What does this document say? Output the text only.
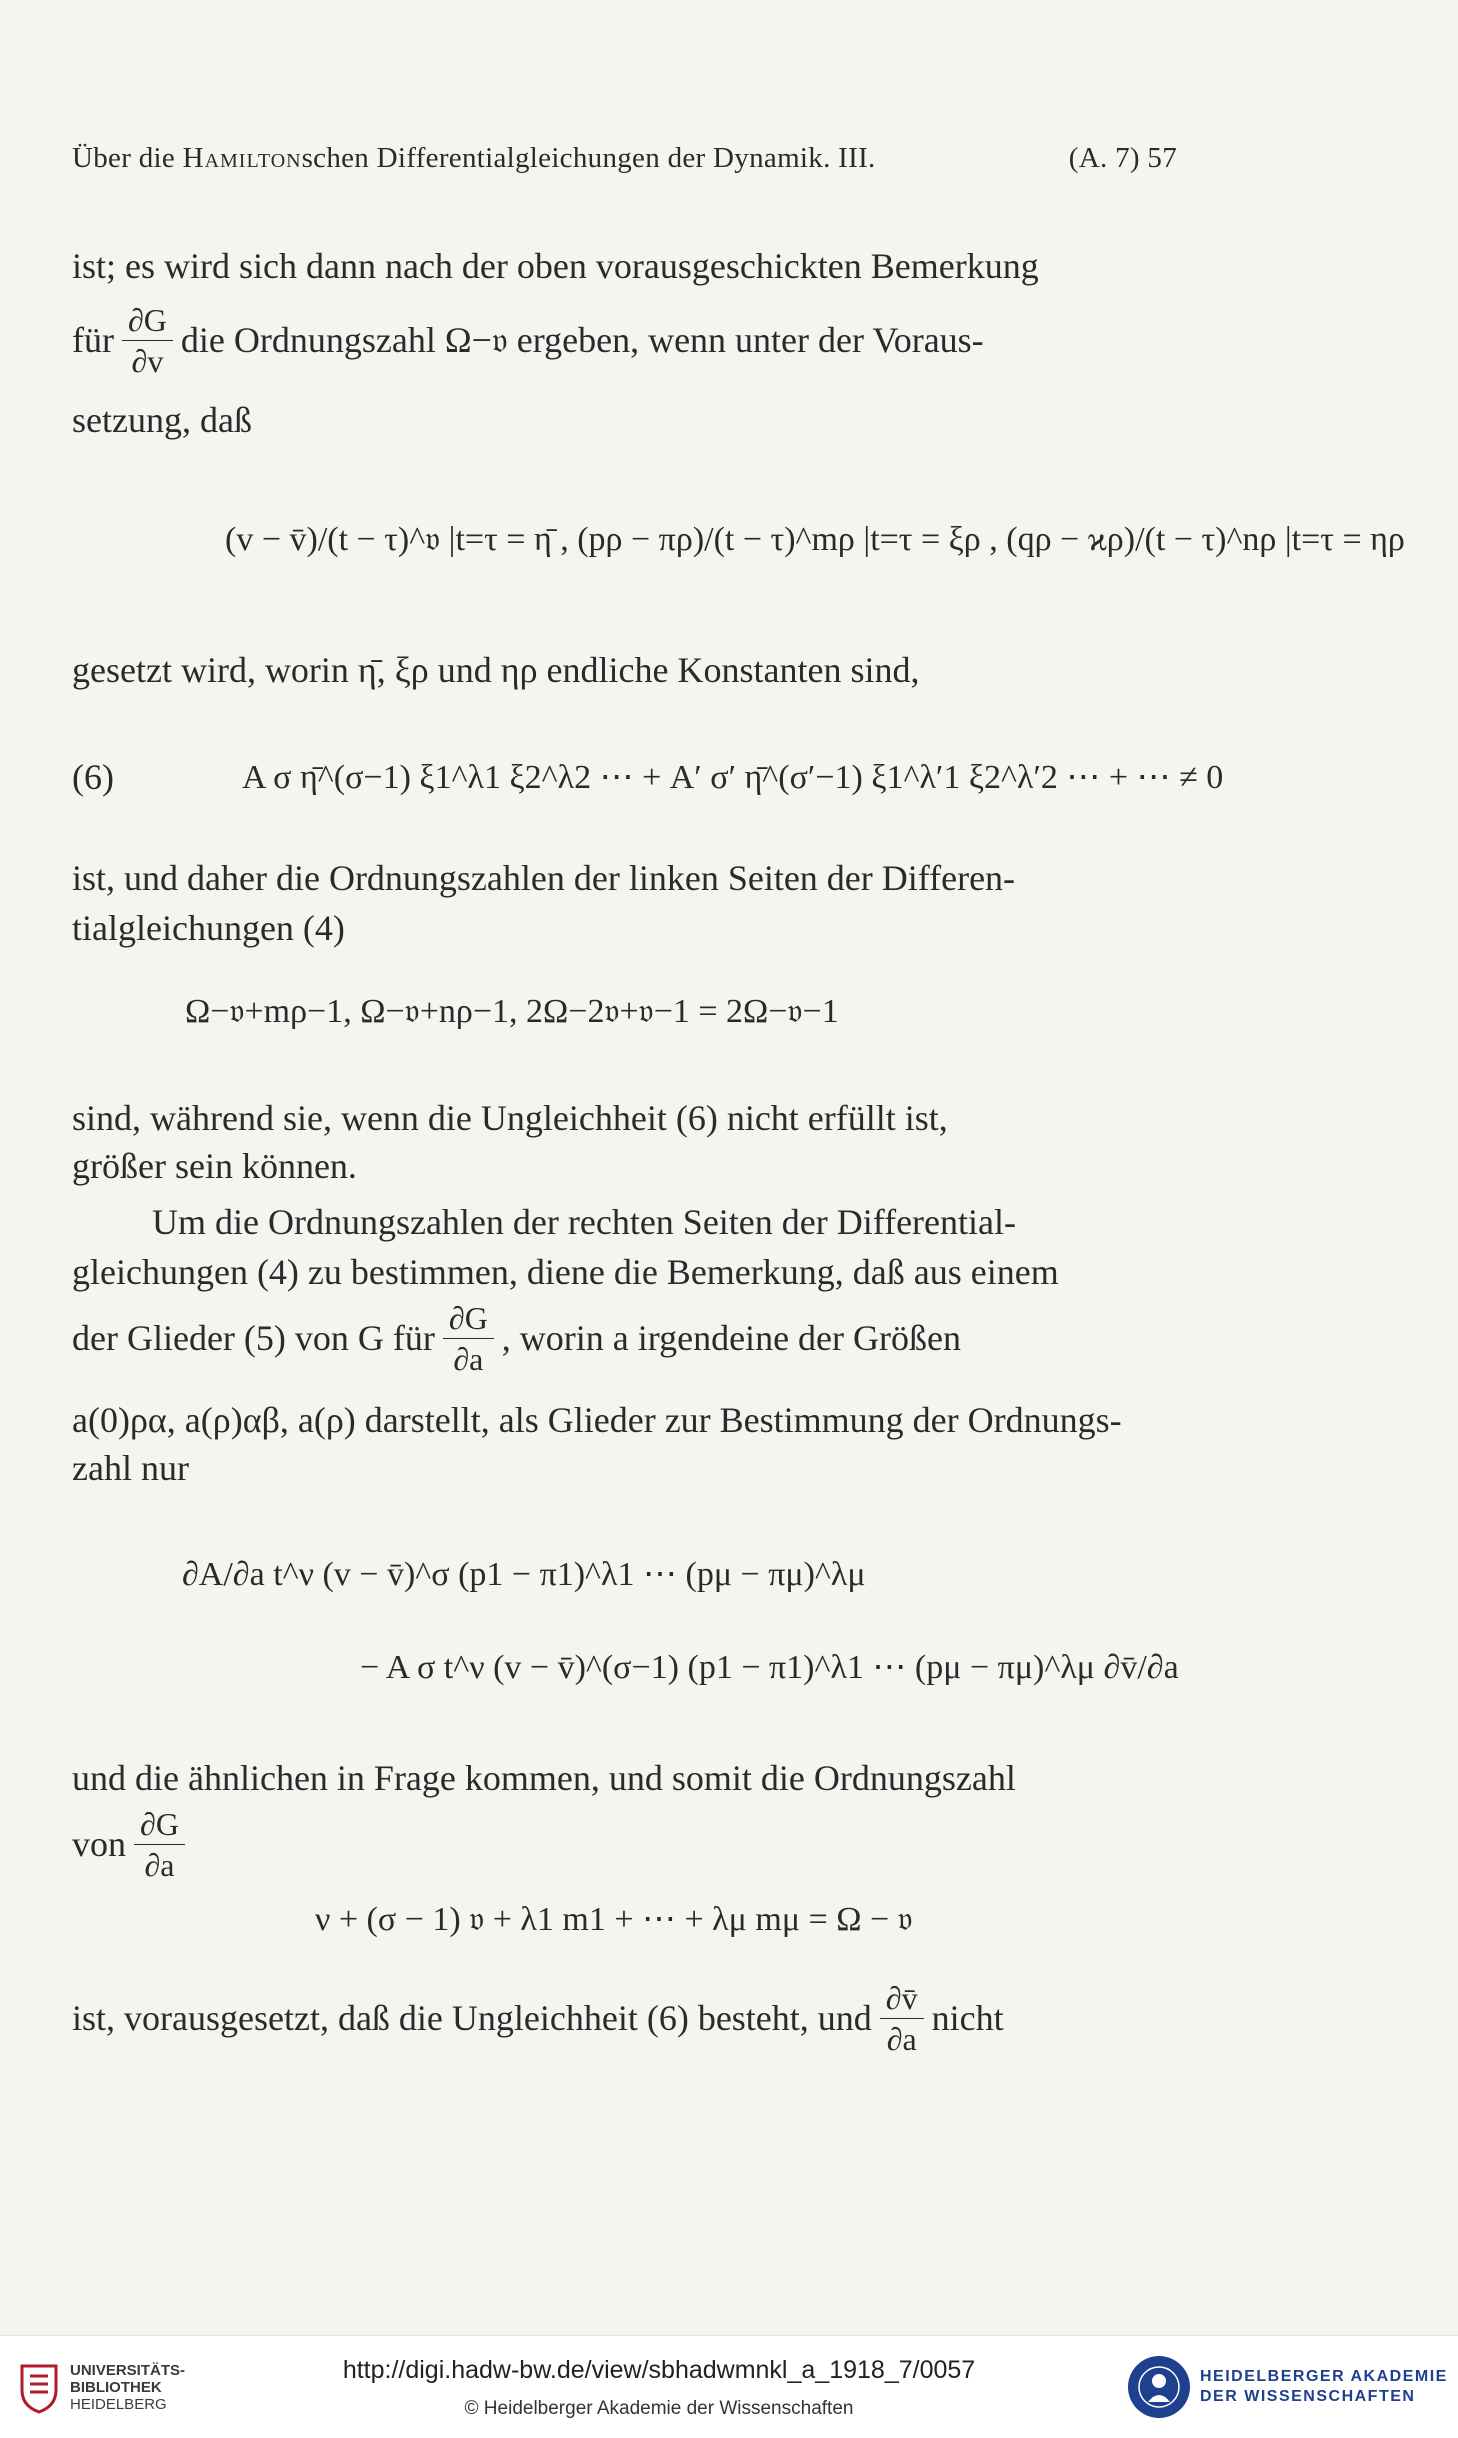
Über die Hamiltonschen Differentialgleichungen der Dynamik. III.	(A. 7) 57
ist; es wird sich dann nach der oben vorausgeschickten Bemerkung
für $\frac{\partial G}{\partial v}$ die Ordnungszahl Ω−𝔳 ergeben, wenn unter der Voraus-
setzung, daß
(v − v̄)/(t − τ)^𝔳 |t=τ = η̄ , (pρ − πρ)/(t − τ)^mρ |t=τ = ξρ , (qρ − ϰρ)/(t − τ)^nρ |t=τ = ηρ
gesetzt wird, worin η̄, ξρ und ηρ endliche Konstanten sind,
(6)	A σ η̄^(σ−1) ξ1^λ1 ξ2^λ2 ⋯ + A′ σ′ η̄^(σ′−1) ξ1^λ′1 ξ2^λ′2 ⋯ + ⋯ ≠ 0
ist, und daher die Ordnungszahlen der linken Seiten der Differen-
tialgleichungen (4)
Ω−𝔳+mρ−1, Ω−𝔳+nρ−1, 2Ω−2𝔳+𝔳−1 = 2Ω−𝔳−1
sind, während sie, wenn die Ungleichheit (6) nicht erfüllt ist,
größer sein können.
Um die Ordnungszahlen der rechten Seiten der Differential-
gleichungen (4) zu bestimmen, diene die Bemerkung, daß aus einem
der Glieder (5) von G für $\frac{\partial G}{\partial a}$ , worin a irgendeine der Größen
a(0)ρα, a(ρ)αβ, a(ρ) darstellt, als Glieder zur Bestimmung der Ordnungs-
zahl nur
∂A/∂a t^ν (v − v̄)^σ (p1 − π1)^λ1 ⋯ (pμ − πμ)^λμ
− A σ t^ν (v − v̄)^(σ−1) (p1 − π1)^λ1 ⋯ (pμ − πμ)^λμ ∂v̄/∂a
und die ähnlichen in Frage kommen, und somit die Ordnungszahl
von $\frac{\partial G}{\partial a}$
ν + (σ − 1) 𝔳 + λ1 m1 + ⋯ + λμ mμ = Ω − 𝔳
ist, vorausgesetzt, daß die Ungleichheit (6) besteht, und $\frac{\partial v̄}{\partial a}$ nicht
UNIVERSITÄTS-
BIBLIOTHEK
HEIDELBERG
http://digi.hadw-bw.de/view/sbhadwmnkl_a_1918_7/0057
© Heidelberger Akademie der Wissenschaften
HEIDELBERGER AKADEMIE
DER WISSENSCHAFTEN
